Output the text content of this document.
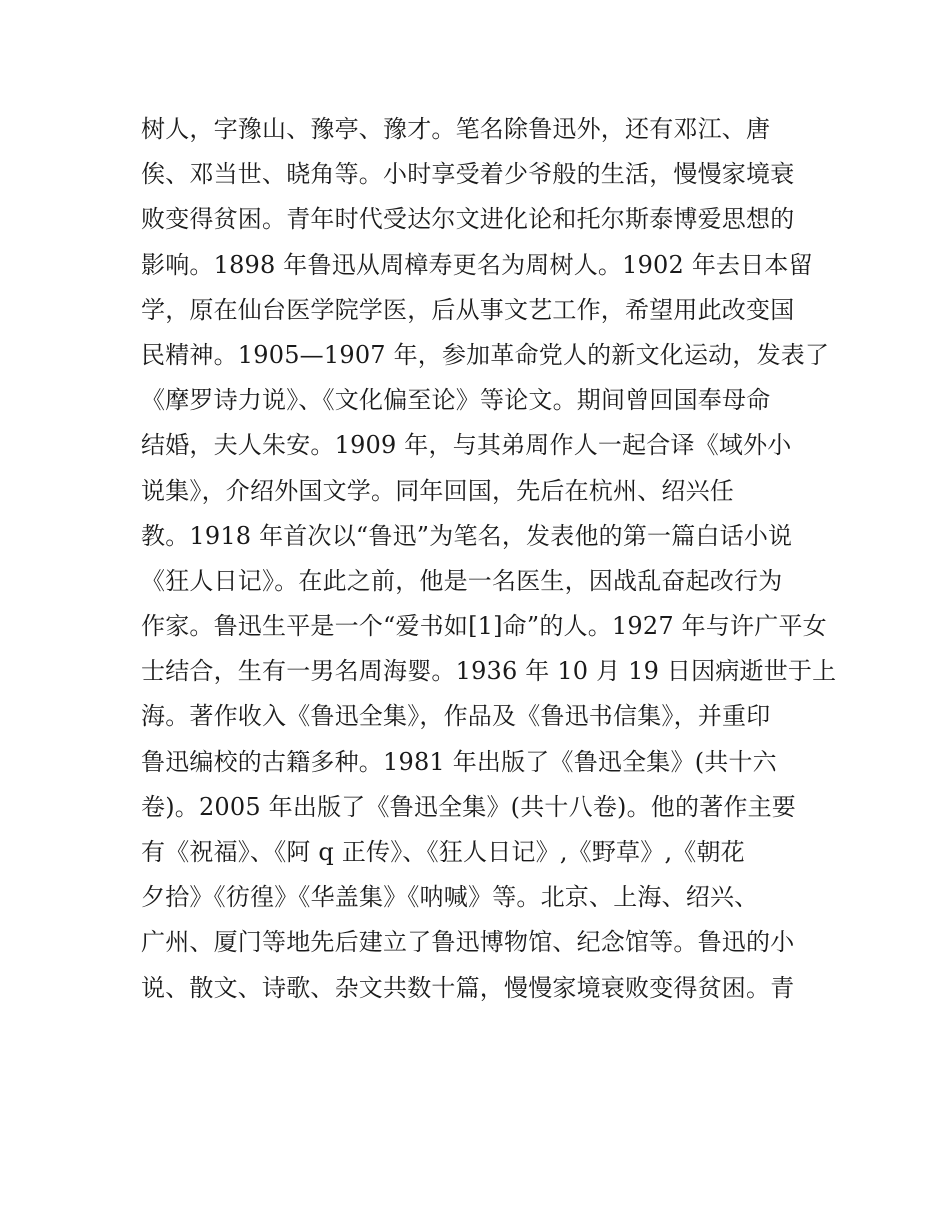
树人，字豫山、豫亭、豫才。笔名除鲁迅外，还有邓江、唐
俟、邓当世、晓角等。小时享受着少爷般的生活，慢慢家境衰
败变得贫困。青年时代受达尔文进化论和托尔斯泰博爱思想的
影响。1898 年鲁迅从周樟寿更名为周树人。1902 年去日本留
学，原在仙台医学院学医，后从事文艺工作，希望用此改变国
民精神。1905—1907 年，参加革命党人的新文化运动，发表了
《摩罗诗力说》、《文化偏至论》等论文。期间曾回国奉母命
结婚，夫人朱安。1909 年，与其弟周作人一起合译《域外小
说集》，介绍外国文学。同年回国，先后在杭州、绍兴任
教。1918 年首次以“鲁迅”为笔名，发表他的第一篇白话小说
《狂人日记》。在此之前，他是一名医生，因战乱奋起改行为
作家。鲁迅生平是一个“爱书如[1]命”的人。1927 年与许广平女
士结合，生有一男名周海婴。1936 年 10 月 19 日因病逝世于上
海。著作收入《鲁迅全集》，作品及《鲁迅书信集》，并重印
鲁迅编校的古籍多种。1981 年出版了《鲁迅全集》(共十六
卷)。2005 年出版了《鲁迅全集》(共十八卷)。他的著作主要
有《祝福》、《阿 q 正传》、《狂人日记》,《野草》,《朝花
夕拾》《彷徨》《华盖集》《呐喊》等。北京、上海、绍兴、
广州、厦门等地先后建立了鲁迅博物馆、纪念馆等。鲁迅的小
说、散文、诗歌、杂文共数十篇，慢慢家境衰败变得贫困。青
